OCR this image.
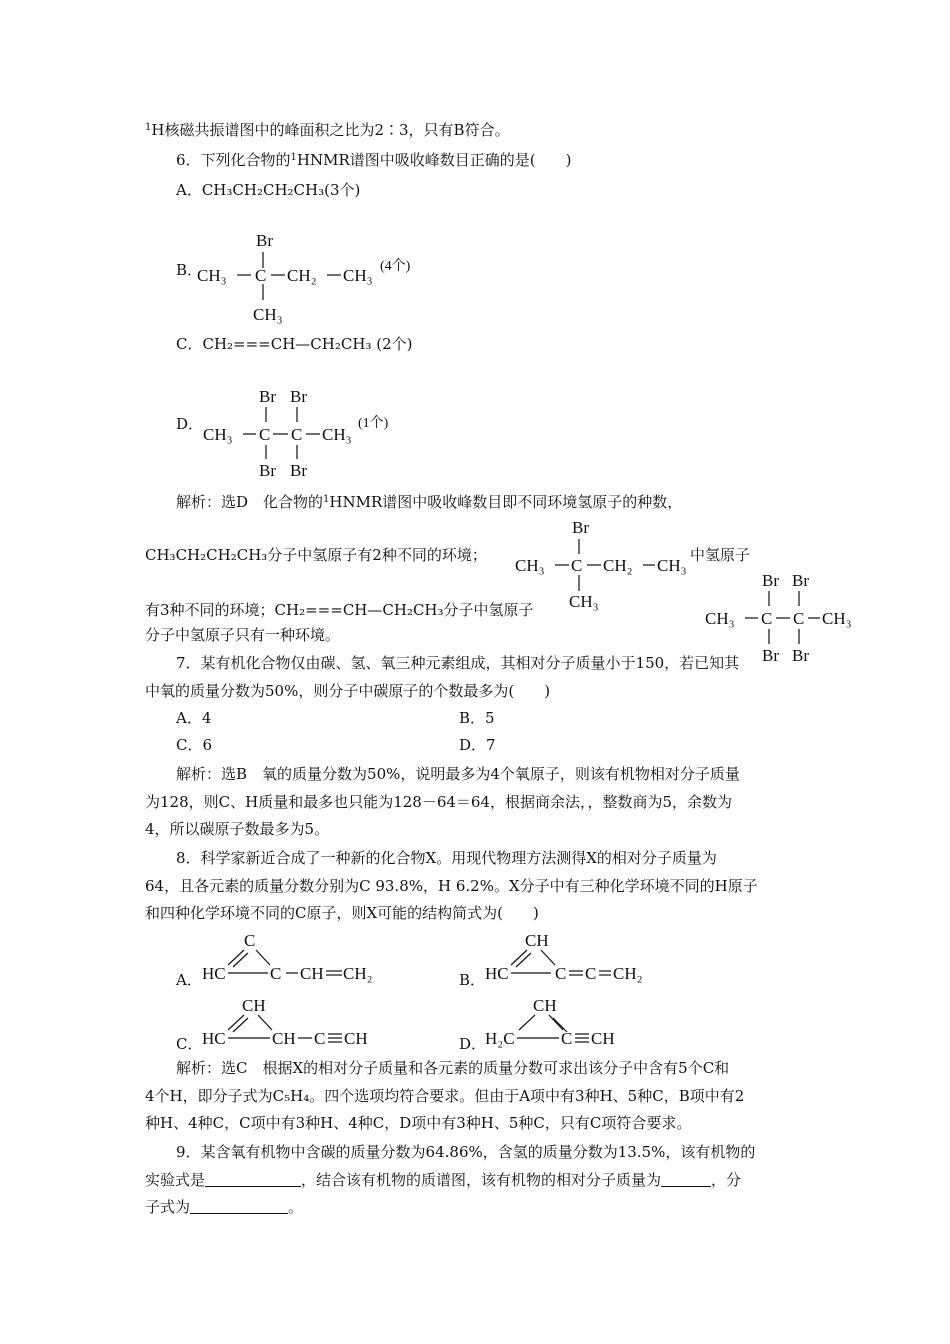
$^1$H核磁共振谱图中的峰面积之比为2∶3，只有B符合。
6．下列化合物的$^1$HNMR谱图中吸收峰数目正确的是(　　)
A．CH₃CH₂CH₂CH₃(3个)
B．
Br
CH₃ C CH₂ CH₃
CH₃
(4个)
C．CH₂===CH—CH₂CH₃ (2个)
D．
Br Br
CH₃ C C CH₃
Br Br
(1个)
解析：选D　化合物的$^1$HNMR谱图中吸收峰数目即不同环境氢原子的种数，
CH₃CH₂CH₂CH₃分子中氢原子有2种不同的环境；
Br
CH₃ C CH₂ CH₃
CH₃
中氢原子
有3种不同的环境；CH₂===CH—CH₂CH₃分子中氢原子
分子中氢原子只有一种环境。
Br Br
CH₃ C C CH₃
Br Br
7．某有机化合物仅由碳、氢、氧三种元素组成，其相对分子质量小于150，若已知其
中氧的质量分数为50%，则分子中碳原子的个数最多为(　　)
A．4	B．5
C．6	D．7
解析：选B　氧的质量分数为50%，说明最多为4个氧原子，则该有机物相对分子质量
为128，则C、H质量和最多也只能为128－64＝64，根据商余法，，整数商为5，余数为
4，所以碳原子数最多为5。
8．科学家新近合成了一种新的化合物X。用现代物理方法测得X的相对分子质量为
64，且各元素的质量分数分别为C 93.8%，H 6.2%。X分子中有三种化学环境不同的H原子
和四种化学环境不同的C原子，则X可能的结构简式为(　　)
A．
C
HC	C CH CH₂	B．
CH
HC	C C CH₂
C．
CH
HC	CH C CH	D．
CH
H₂C	C CH
解析：选C　根据X的相对分子质量和各元素的质量分数可求出该分子中含有5个C和
4个H，即分子式为C₅H₄。四个选项均符合要求。但由于A项中有3种H、5种C，B项中有2
种H、4种C，C项中有3种H、4种C，D项中有3种H、5种C，只有C项符合要求。
9．某含氧有机物中含碳的质量分数为64.86%，含氢的质量分数为13.5%，该有机物的
实验式是	，结合该有机物的质谱图，该有机物的相对分子质量为	，分
子式为	。
